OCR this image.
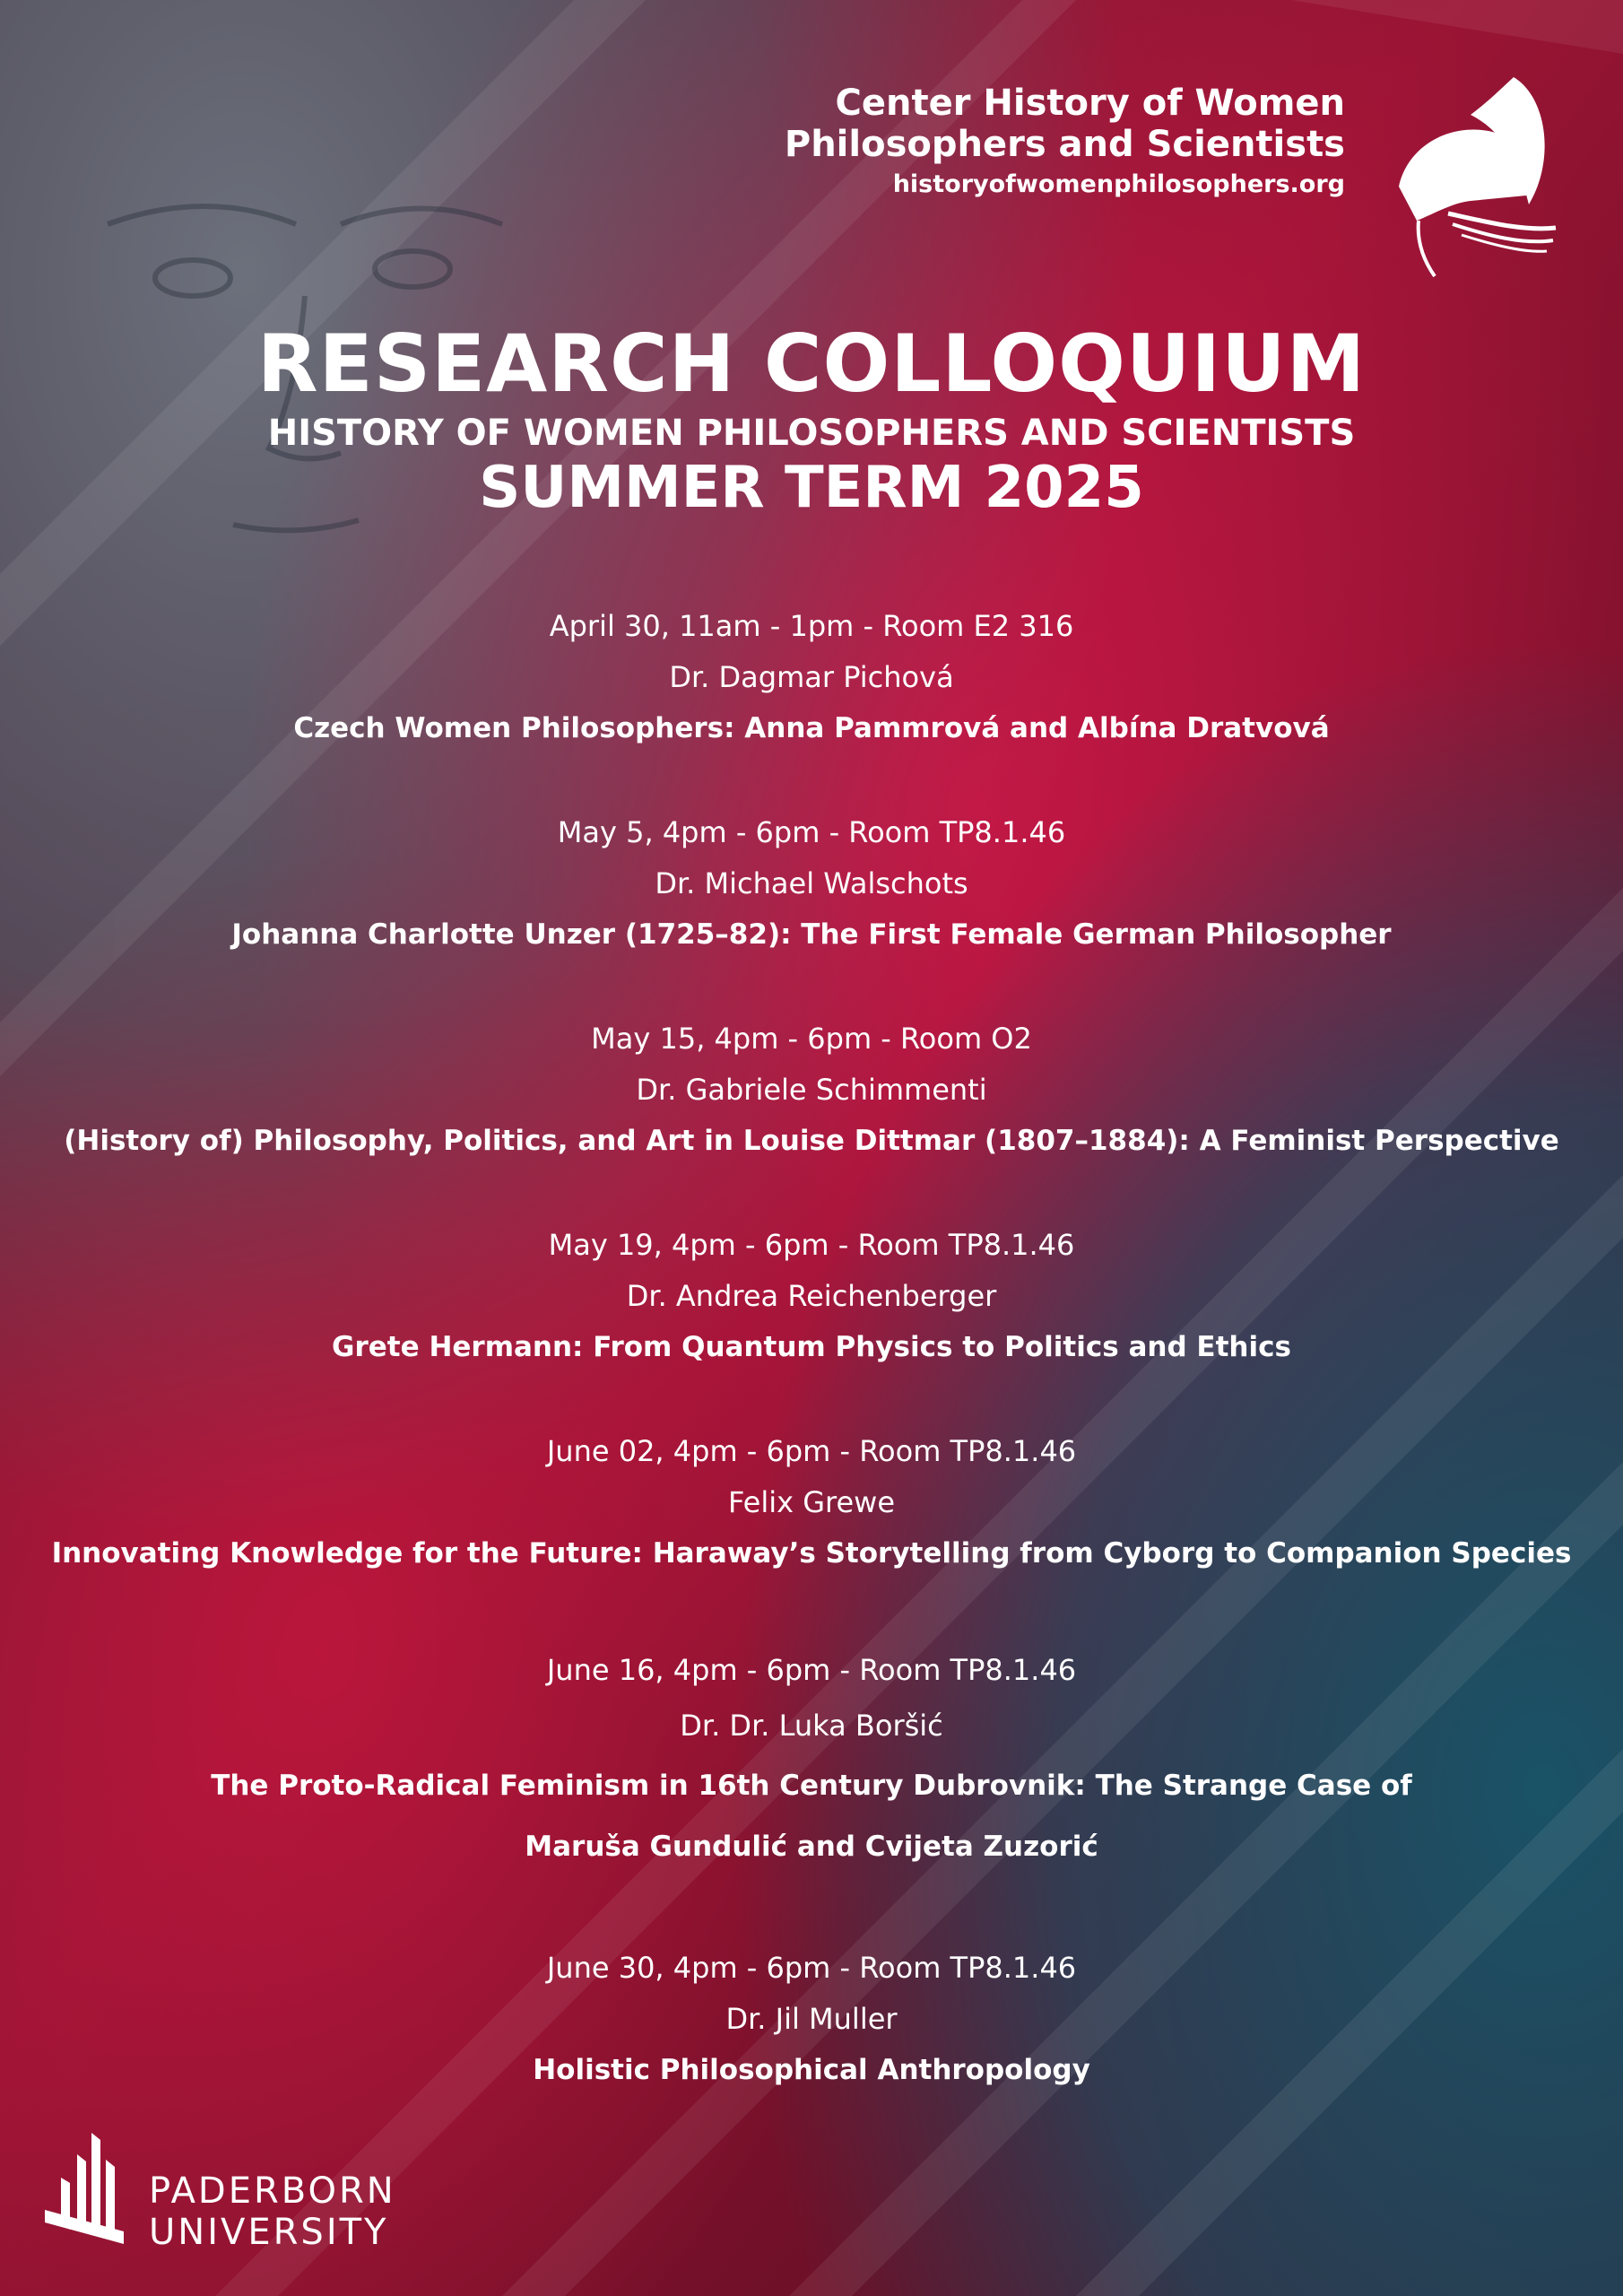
Center History of Women
Philosophers and Scientists
historyofwomenphilosophers.org
RESEARCH COLLOQUIUM
HISTORY OF WOMEN PHILOSOPHERS AND SCIENTISTS
SUMMER TERM 2025
April 30, 11am - 1pm - Room E2 316
Dr. Dagmar Pichová
Czech Women Philosophers: Anna Pammrová and Albína Dratvová
May 5, 4pm - 6pm - Room TP8.1.46
Dr. Michael Walschots
Johanna Charlotte Unzer (1725–82): The First Female German Philosopher
May 15, 4pm - 6pm - Room O2
Dr. Gabriele Schimmenti
(History of) Philosophy, Politics, and Art in Louise Dittmar (1807–1884): A Feminist Perspective
May 19, 4pm - 6pm - Room TP8.1.46
Dr. Andrea Reichenberger
Grete Hermann: From Quantum Physics to Politics and Ethics
June 02, 4pm - 6pm - Room TP8.1.46
Felix Grewe
Innovating Knowledge for the Future: Haraway’s Storytelling from Cyborg to Companion Species
June 16, 4pm - 6pm - Room TP8.1.46
Dr. Dr. Luka Boršić
The Proto-Radical Feminism in 16th Century Dubrovnik: The Strange Case of
Maruša Gundulić and Cvijeta Zuzorić
June 30, 4pm - 6pm - Room TP8.1.46
Dr. Jil Muller
Holistic Philosophical Anthropology
PADERBORN
UNIVERSITY
